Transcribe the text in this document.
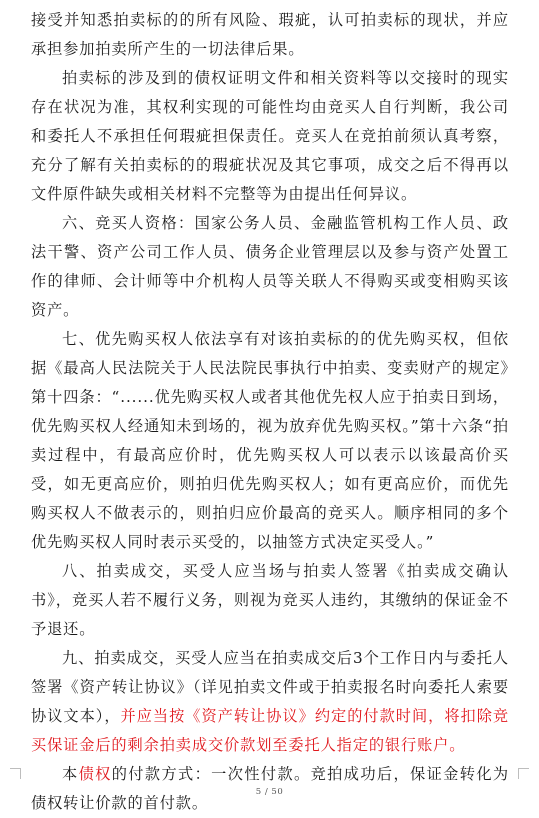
接受并知悉拍卖标的的所有风险、瑕疵，认可拍卖标的现状，并应承担参加拍卖所产生的一切法律后果。

拍卖标的涉及到的债权证明文件和相关资料等以交接时的现实存在状况为准，其权利实现的可能性均由竞买人自行判断，我公司和委托人不承担任何瑕疵担保责任。竞买人在竞拍前须认真考察，充分了解有关拍卖标的的瑕疵状况及其它事项，成交之后不得再以文件原件缺失或相关材料不完整等为由提出任何异议。

六、竞买人资格：国家公务人员、金融监管机构工作人员、政法干警、资产公司工作人员、债务企业管理层以及参与资产处置工作的律师、会计师等中介机构人员等关联人不得购买或变相购买该资产。

七、优先购买权人依法享有对该拍卖标的的优先购买权，但依据《最高人民法院关于人民法院民事执行中拍卖、变卖财产的规定》第十四条：“......优先购买权人或者其他优先权人应于拍卖日到场，优先购买权人经通知未到场的，视为放弃优先购买权。”第十六条“拍卖过程中，有最高应价时，优先购买权人可以表示以该最高价买受，如无更高应价，则拍归优先购买权人；如有更高应价，而优先购买权人不做表示的，则拍归应价最高的竞买人。顺序相同的多个优先购买权人同时表示买受的，以抽签方式决定买受人。”

八、拍卖成交，买受人应当场与拍卖人签署《拍卖成交确认书》，竞买人若不履行义务，则视为竞买人违约，其缴纳的保证金不予退还。

九、拍卖成交，买受人应当在拍卖成交后3个工作日内与委托人签署《资产转让协议》（详见拍卖文件或于拍卖报名时向委托人索要协议文本），并应当按《资产转让协议》约定的付款时间，将扣除竞买保证金后的剩余拍卖成交价款划至委托人指定的银行账户。

本债权的付款方式：一次性付款。竞拍成功后，保证金转化为债权转让价款的首付款。

5 / 50
